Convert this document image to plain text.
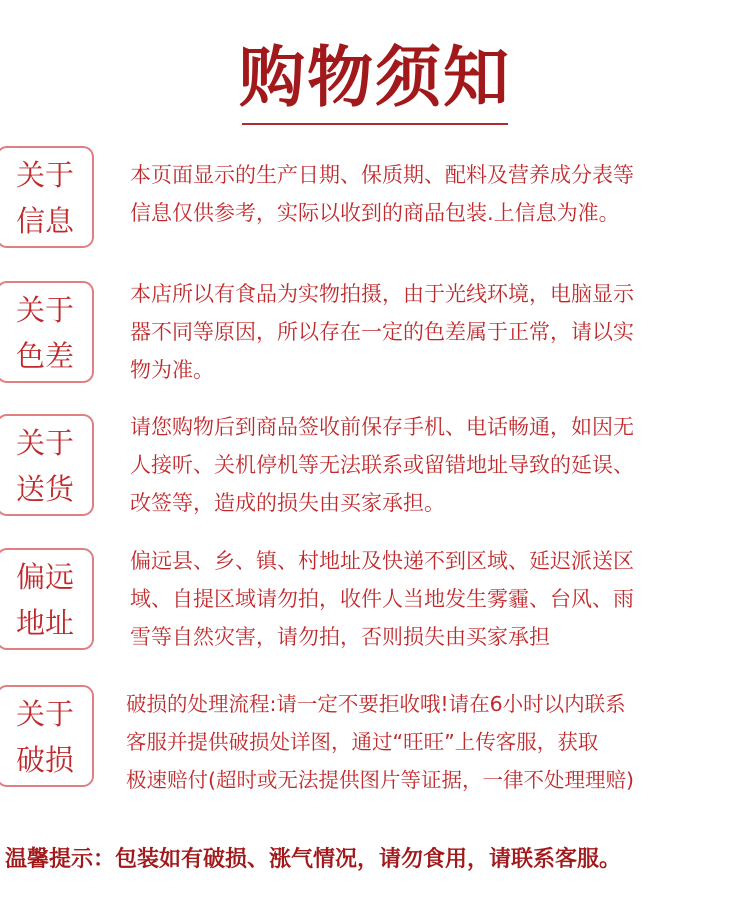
购物须知
关于
信息

本页面显示的生产日期、保质期、配料及营养成分表等
信息仅供参考，实际以收到的商品包装.上信息为准。

关于
色差

本店所以有食品为实物拍摄，由于光线环境，电脑显示
器不同等原因，所以存在一定的色差属于正常，请以实
物为准。

关于
送货

请您购物后到商品签收前保存手机、电话畅通，如因无
人接听、关机停机等无法联系或留错地址导致的延误、
改签等，造成的损失由买家承担。

偏远
地址

偏远县、乡、镇、村地址及快递不到区域、延迟派送区
域、自提区域请勿拍，收件人当地发生雾霾、台风、雨
雪等自然灾害，请勿拍，否则损失由买家承担

关于
破损

破损的处理流程:请一定不要拒收哦!请在6小时以内联系
客服并提供破损处详图，通过“旺旺”上传客服，获取
极速赔付(超时或无法提供图片等证据，一律不处理理赔)

温馨提示：包装如有破损、涨气情况，请勿食用，请联系客服。
